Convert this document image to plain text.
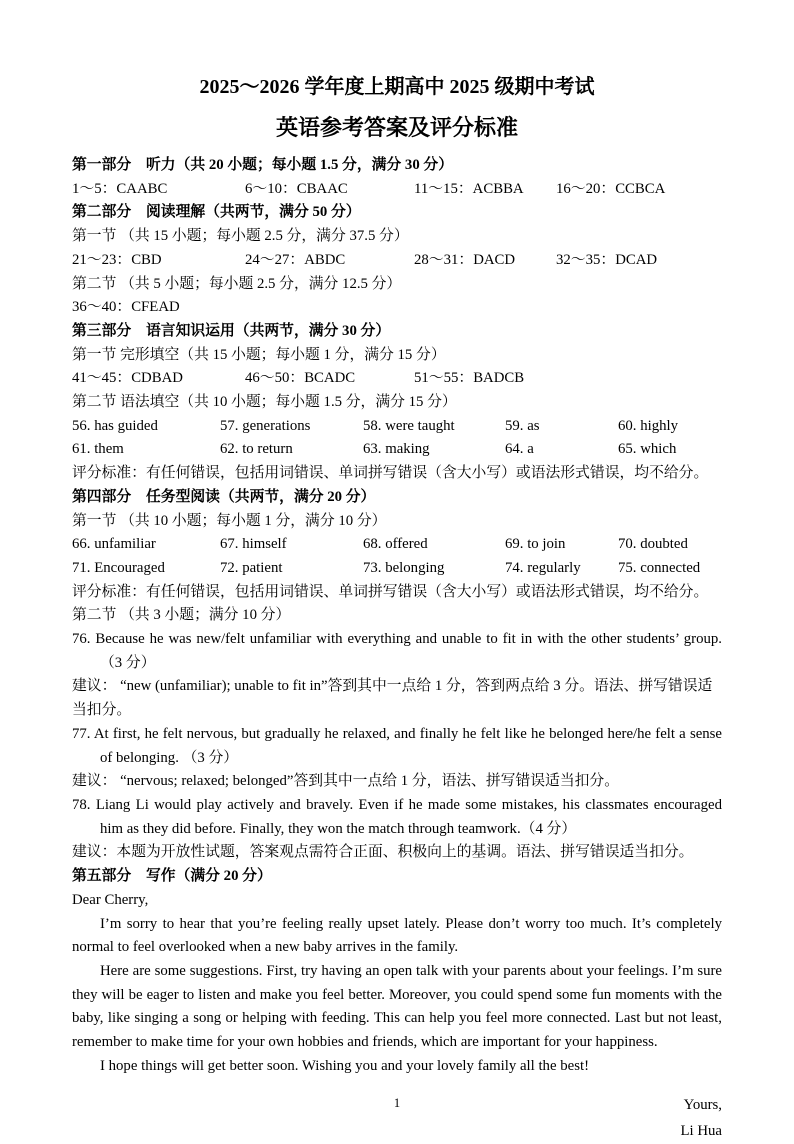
2025～2026 学年度上期高中 2025 级期中考试
英语参考答案及评分标准
第一部分　听力（共 20 小题；每小题 1.5 分，满分 30 分）
1～5：CAABC	6～10：CBAAC	11～15：ACBBA	16～20：CCBCA
第二部分　阅读理解（共两节，满分 50 分）
第一节 （共 15 小题；每小题 2.5 分，满分 37.5 分）
21～23：CBD	24～27：ABDC	28～31：DACD	32～35：DCAD
第二节 （共 5 小题；每小题 2.5 分，满分 12.5 分）
36～40：CFEAD
第三部分　语言知识运用（共两节，满分 30 分）
第一节 完形填空（共 15 小题；每小题 1 分，满分 15 分）
41～45：CDBAD	46～50：BCADC	51～55：BADCB
第二节 语法填空（共 10 小题；每小题 1.5 分，满分 15 分）
56. has guided	57. generations	58. were taught	59. as	60. highly
61. them	62. to return	63. making	64. a	65. which
评分标准：有任何错误，包括用词错误、单词拼写错误（含大小写）或语法形式错误，均不给分。
第四部分　任务型阅读（共两节，满分 20 分）
第一节 （共 10 小题；每小题 1 分，满分 10 分）
66. unfamiliar	67. himself	68. offered	69. to join	70. doubted
71. Encouraged	72. patient	73. belonging	74. regularly	75. connected
评分标准：有任何错误，包括用词错误、单词拼写错误（含大小写）或语法形式错误，均不给分。
第二节 （共 3 小题；满分 10 分）
76. Because he was new/felt unfamiliar with everything and unable to fit in with the other students’ group.（3 分）
建议： “new (unfamiliar); unable to fit in”答到其中一点给 1 分，答到两点给 3 分。语法、拼写错误适当扣分。
77. At first, he felt nervous, but gradually he relaxed, and finally he felt like he belonged here/he felt a sense of belonging. （3 分）
建议： “nervous; relaxed; belonged”答到其中一点给 1 分，语法、拼写错误适当扣分。
78. Liang Li would play actively and bravely. Even if he made some mistakes, his classmates encouraged him as they did before. Finally, they won the match through teamwork.（4 分）
建议：本题为开放性试题，答案观点需符合正面、积极向上的基调。语法、拼写错误适当扣分。
第五部分　写作（满分 20 分）
Dear Cherry,
I’m sorry to hear that you’re feeling really upset lately. Please don’t worry too much. It’s completely normal to feel overlooked when a new baby arrives in the family.
Here are some suggestions. First, try having an open talk with your parents about your feelings. I’m sure they will be eager to listen and make you feel better. Moreover, you could spend some fun moments with the baby, like singing a song or helping with feeding. This can help you feel more connected. Last but not least, remember to make time for your own hobbies and friends, which are important for your happiness.
I hope things will get better soon. Wishing you and your lovely family all the best!
Yours,
Li Hua
1
